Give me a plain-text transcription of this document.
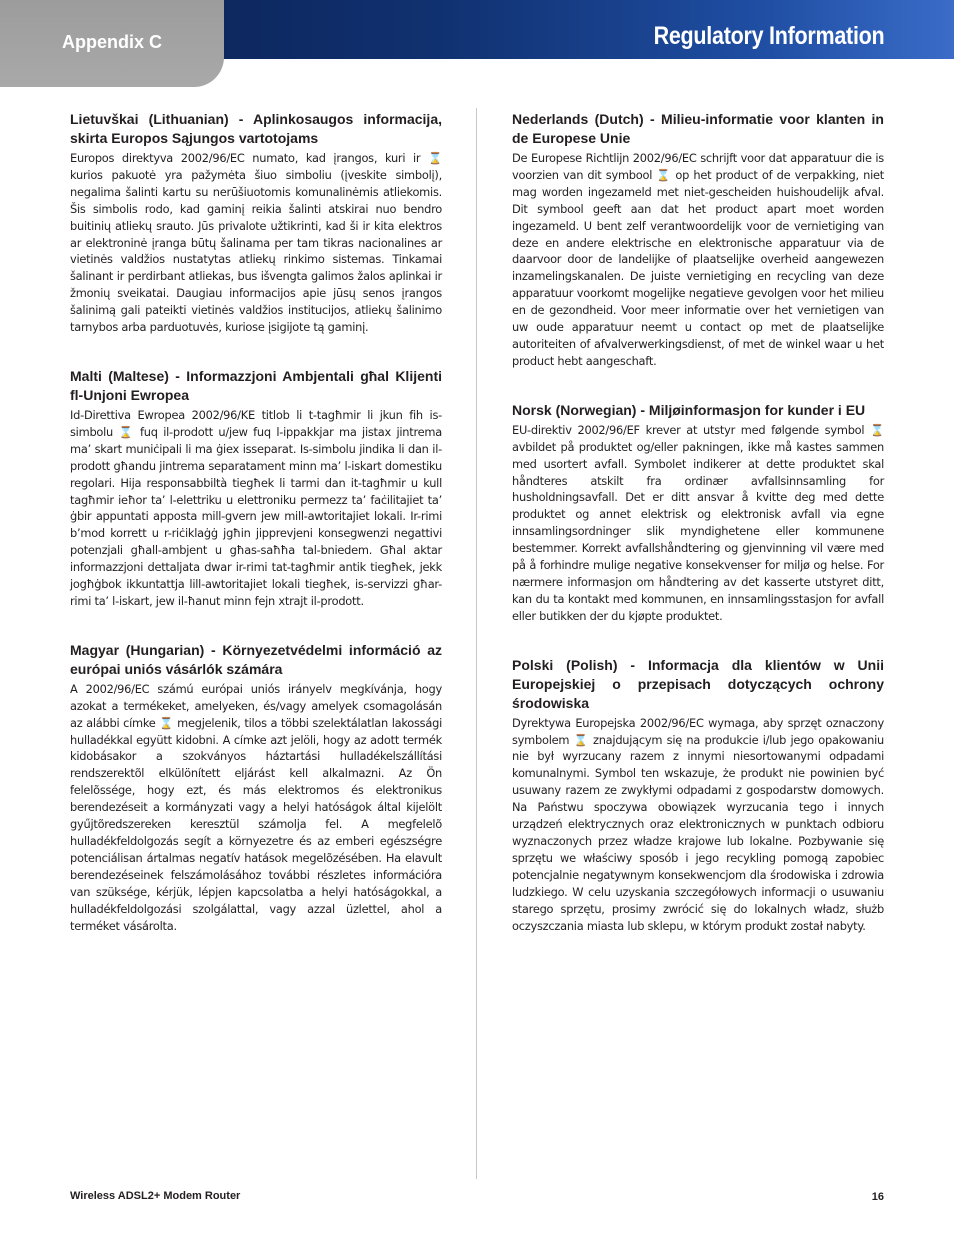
Appendix C	Regulatory Information
Lietuvškai (Lithuanian) - Aplinkosaugos informacija, skirta Europos Sąjungos vartotojams

Europos direktyva 2002/96/EC numato, kad įrangos, kuri ir ⌛ kurios pakuotė yra pažymėta šiuo simboliu (įveskite simbolį), negalima šalinti kartu su nerūšiuotomis komunalinėmis atliekomis. Šis simbolis rodo, kad gaminį reikia šalinti atskirai nuo bendro buitinių atliekų srauto. Jūs privalote užtikrinti, kad ši ir kita elektros ar elektroninė įranga būtų šalinama per tam tikras nacionalines ar vietinės valdžios nustatytas atliekų rinkimo sistemas. Tinkamai šalinant ir perdirbant atliekas, bus išvengta galimos žalos aplinkai ir žmonių sveikatai. Daugiau informacijos apie jūsų senos įrangos šalinimą gali pateikti vietinės valdžios institucijos, atliekų šalinimo tarnybos arba parduotuvės, kuriose įsigijote tą gaminį.

Malti (Maltese) - Informazzjoni Ambjentali għal Klijenti fl-Unjoni Ewropea

Id-Direttiva Ewropea 2002/96/KE titlob li t-tagħmir li jkun fih is-simbolu ⌛ fuq il-prodott u/jew fuq l-ippakkjar ma jistax jintrema ma’ skart muniċipali li ma ġiex isseparat. Is-simbolu jindika li dan il-prodott għandu jintrema separatament minn ma’ l-iskart domestiku regolari. Hija responsabbiltà tiegħek li tarmi dan it-tagħmir u kull tagħmir ieħor ta’ l-elettriku u elettroniku permezz ta’ faċilitajiet ta’ ġbir appuntati apposta mill-gvern jew mill-awtoritajiet lokali. Ir-rimi b’mod korrett u r-riċiklaġġ jgħin jipprevjeni konsegwenzi negattivi potenzjali għall-ambjent u għas-saħħa tal-bniedem. Għal aktar informazzjoni dettaljata dwar ir-rimi tat-tagħmir antik tiegħek, jekk jogħġbok ikkuntattja lill-awtoritajiet lokali tiegħek, is-servizzi għar-rimi ta’ l-iskart, jew il-ħanut minn fejn xtrajt il-prodott.

Magyar (Hungarian) - Környezetvédelmi információ az európai uniós vásárlók számára

A 2002/96/EC számú európai uniós irányelv megkívánja, hogy azokat a termékeket, amelyeken, és/vagy amelyek csomagolásán az alábbi címke ⌛ megjelenik, tilos a többi szelektálatlan lakossági hulladékkal együtt kidobni. A címke azt jelöli, hogy az adott termék kidobásakor a szokványos háztartási hulladékelszállítási rendszerektõl elkülönített eljárást kell alkalmazni. Az Ön felelõssége, hogy ezt, és más elektromos és elektronikus berendezéseit a kormányzati vagy a helyi hatóságok által kijelölt gyűjtõredszereken keresztül számolja fel. A megfelelõ hulladékfeldolgozás segít a környezetre és az emberi egészségre potenciálisan ártalmas negatív hatások megelõzésében. Ha elavult berendezéseinek felszámolásához további részletes információra van szüksége, kérjük, lépjen kapcsolatba a helyi hatóságokkal, a hulladékfeldolgozási szolgálattal, vagy azzal üzlettel, ahol a terméket vásárolta.

Nederlands (Dutch) - Milieu-informatie voor klanten in de Europese Unie

De Europese Richtlijn 2002/96/EC schrijft voor dat apparatuur die is voorzien van dit symbool ⌛ op het product of de verpakking, niet mag worden ingezameld met niet-gescheiden huishoudelijk afval. Dit symbool geeft aan dat het product apart moet worden ingezameld. U bent zelf verantwoordelijk voor de vernietiging van deze en andere elektrische en elektronische apparatuur via de daarvoor door de landelijke of plaatselijke overheid aangewezen inzamelingskanalen. De juiste vernietiging en recycling van deze apparatuur voorkomt mogelijke negatieve gevolgen voor het milieu en de gezondheid. Voor meer informatie over het vernietigen van uw oude apparatuur neemt u contact op met de plaatselijke autoriteiten of afvalverwerkingsdienst, of met de winkel waar u het product hebt aangeschaft.

Norsk (Norwegian) - Miljøinformasjon for kunder i EU

EU-direktiv 2002/96/EF krever at utstyr med følgende symbol ⌛ avbildet på produktet og/eller pakningen, ikke må kastes sammen med usortert avfall. Symbolet indikerer at dette produktet skal håndteres atskilt fra ordinær avfallsinnsamling for husholdningsavfall. Det er ditt ansvar å kvitte deg med dette produktet og annet elektrisk og elektronisk avfall via egne innsamlingsordninger slik myndighetene eller kommunene bestemmer. Korrekt avfallshåndtering og gjenvinning vil være med på å forhindre mulige negative konsekvenser for miljø og helse. For nærmere informasjon om håndtering av det kasserte utstyret ditt, kan du ta kontakt med kommunen, en innsamlingsstasjon for avfall eller butikken der du kjøpte produktet.

Polski (Polish) - Informacja dla klientów w Unii Europejskiej o przepisach dotyczących ochrony środowiska

Dyrektywa Europejska 2002/96/EC wymaga, aby sprzęt oznaczony symbolem ⌛ znajdującym się na produkcie i/lub jego opakowaniu nie był wyrzucany razem z innymi niesortowanymi odpadami komunalnymi. Symbol ten wskazuje, że produkt nie powinien być usuwany razem ze zwykłymi odpadami z gospodarstw domowych. Na Państwu spoczywa obowiązek wyrzucania tego i innych urządzeń elektrycznych oraz elektronicznych w punktach odbioru wyznaczonych przez władze krajowe lub lokalne. Pozbywanie się sprzętu we właściwy sposób i jego recykling pomogą zapobiec potencjalnie negatywnym konsekwencjom dla środowiska i zdrowia ludzkiego. W celu uzyskania szczegółowych informacji o usuwaniu starego sprzętu, prosimy zwrócić się do lokalnych władz, służb oczyszczania miasta lub sklepu, w którym produkt został nabyty.

Wireless ADSL2+ Modem Router	16
